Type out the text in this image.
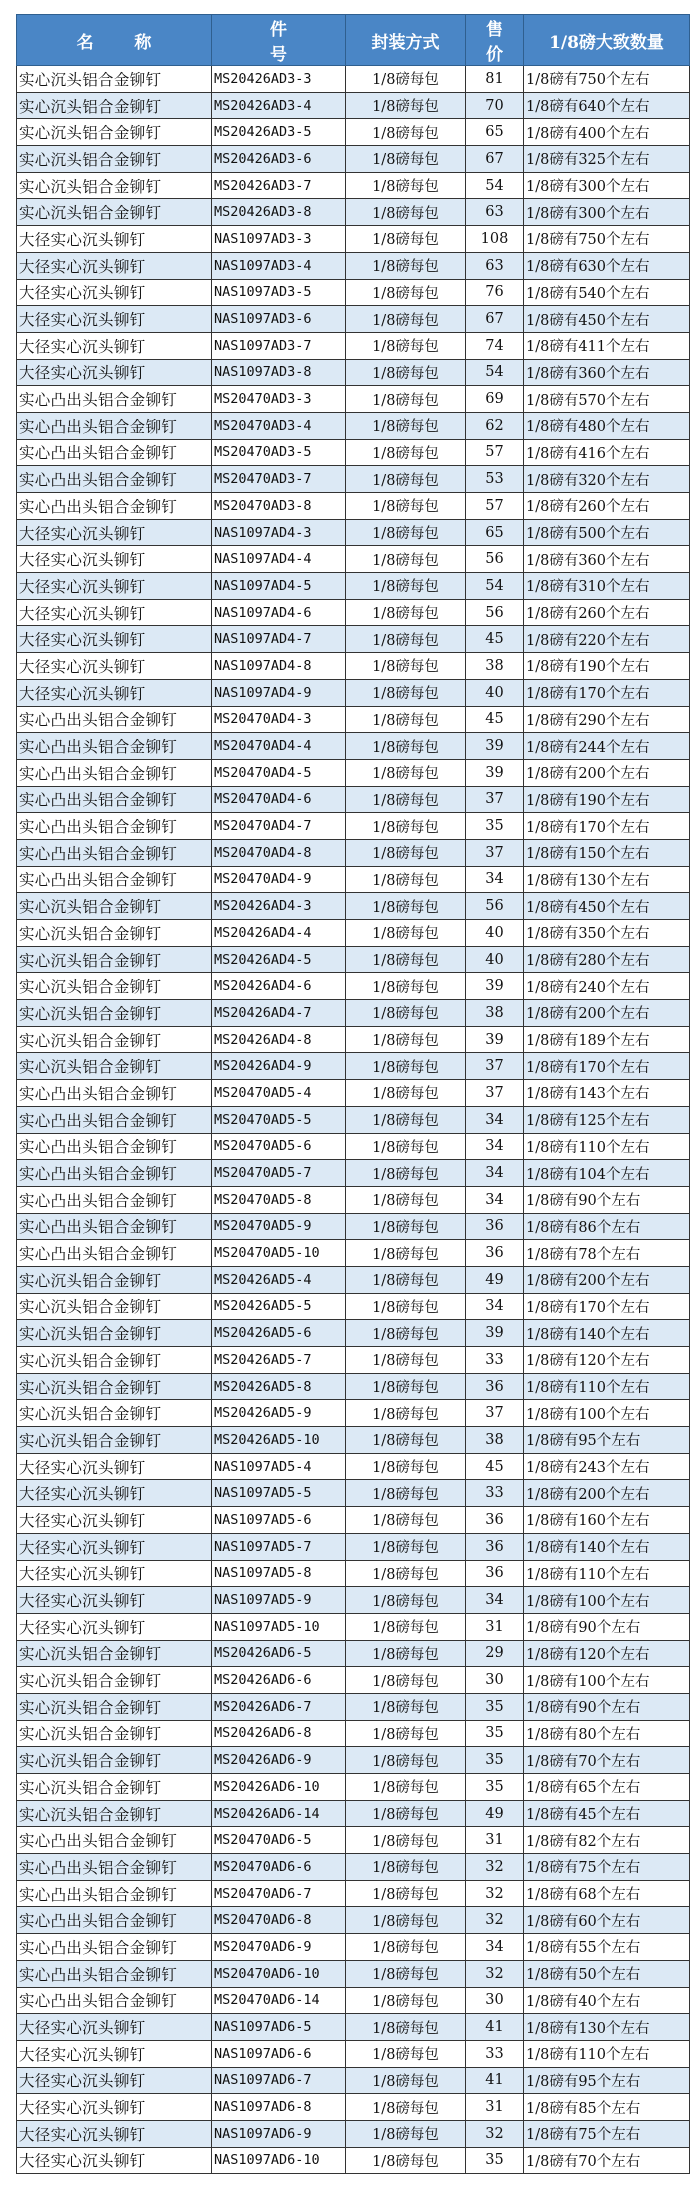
名称	件号	封装方式	售价	1/8磅大致数量
实心沉头铝合金铆钉	MS20426AD3-3	1/8磅每包	81	1/8磅有750个左右
实心沉头铝合金铆钉	MS20426AD3-4	1/8磅每包	70	1/8磅有640个左右
实心沉头铝合金铆钉	MS20426AD3-5	1/8磅每包	65	1/8磅有400个左右
实心沉头铝合金铆钉	MS20426AD3-6	1/8磅每包	67	1/8磅有325个左右
实心沉头铝合金铆钉	MS20426AD3-7	1/8磅每包	54	1/8磅有300个左右
实心沉头铝合金铆钉	MS20426AD3-8	1/8磅每包	63	1/8磅有300个左右
大径实心沉头铆钉	NAS1097AD3-3	1/8磅每包	108	1/8磅有750个左右
大径实心沉头铆钉	NAS1097AD3-4	1/8磅每包	63	1/8磅有630个左右
大径实心沉头铆钉	NAS1097AD3-5	1/8磅每包	76	1/8磅有540个左右
大径实心沉头铆钉	NAS1097AD3-6	1/8磅每包	67	1/8磅有450个左右
大径实心沉头铆钉	NAS1097AD3-7	1/8磅每包	74	1/8磅有411个左右
大径实心沉头铆钉	NAS1097AD3-8	1/8磅每包	54	1/8磅有360个左右
实心凸出头铝合金铆钉	MS20470AD3-3	1/8磅每包	69	1/8磅有570个左右
实心凸出头铝合金铆钉	MS20470AD3-4	1/8磅每包	62	1/8磅有480个左右
实心凸出头铝合金铆钉	MS20470AD3-5	1/8磅每包	57	1/8磅有416个左右
实心凸出头铝合金铆钉	MS20470AD3-7	1/8磅每包	53	1/8磅有320个左右
实心凸出头铝合金铆钉	MS20470AD3-8	1/8磅每包	57	1/8磅有260个左右
大径实心沉头铆钉	NAS1097AD4-3	1/8磅每包	65	1/8磅有500个左右
大径实心沉头铆钉	NAS1097AD4-4	1/8磅每包	56	1/8磅有360个左右
大径实心沉头铆钉	NAS1097AD4-5	1/8磅每包	54	1/8磅有310个左右
大径实心沉头铆钉	NAS1097AD4-6	1/8磅每包	56	1/8磅有260个左右
大径实心沉头铆钉	NAS1097AD4-7	1/8磅每包	45	1/8磅有220个左右
大径实心沉头铆钉	NAS1097AD4-8	1/8磅每包	38	1/8磅有190个左右
大径实心沉头铆钉	NAS1097AD4-9	1/8磅每包	40	1/8磅有170个左右
实心凸出头铝合金铆钉	MS20470AD4-3	1/8磅每包	45	1/8磅有290个左右
实心凸出头铝合金铆钉	MS20470AD4-4	1/8磅每包	39	1/8磅有244个左右
实心凸出头铝合金铆钉	MS20470AD4-5	1/8磅每包	39	1/8磅有200个左右
实心凸出头铝合金铆钉	MS20470AD4-6	1/8磅每包	37	1/8磅有190个左右
实心凸出头铝合金铆钉	MS20470AD4-7	1/8磅每包	35	1/8磅有170个左右
实心凸出头铝合金铆钉	MS20470AD4-8	1/8磅每包	37	1/8磅有150个左右
实心凸出头铝合金铆钉	MS20470AD4-9	1/8磅每包	34	1/8磅有130个左右
实心沉头铝合金铆钉	MS20426AD4-3	1/8磅每包	56	1/8磅有450个左右
实心沉头铝合金铆钉	MS20426AD4-4	1/8磅每包	40	1/8磅有350个左右
实心沉头铝合金铆钉	MS20426AD4-5	1/8磅每包	40	1/8磅有280个左右
实心沉头铝合金铆钉	MS20426AD4-6	1/8磅每包	39	1/8磅有240个左右
实心沉头铝合金铆钉	MS20426AD4-7	1/8磅每包	38	1/8磅有200个左右
实心沉头铝合金铆钉	MS20426AD4-8	1/8磅每包	39	1/8磅有189个左右
实心沉头铝合金铆钉	MS20426AD4-9	1/8磅每包	37	1/8磅有170个左右
实心凸出头铝合金铆钉	MS20470AD5-4	1/8磅每包	37	1/8磅有143个左右
实心凸出头铝合金铆钉	MS20470AD5-5	1/8磅每包	34	1/8磅有125个左右
实心凸出头铝合金铆钉	MS20470AD5-6	1/8磅每包	34	1/8磅有110个左右
实心凸出头铝合金铆钉	MS20470AD5-7	1/8磅每包	34	1/8磅有104个左右
实心凸出头铝合金铆钉	MS20470AD5-8	1/8磅每包	34	1/8磅有90个左右
实心凸出头铝合金铆钉	MS20470AD5-9	1/8磅每包	36	1/8磅有86个左右
实心凸出头铝合金铆钉	MS20470AD5-10	1/8磅每包	36	1/8磅有78个左右
实心沉头铝合金铆钉	MS20426AD5-4	1/8磅每包	49	1/8磅有200个左右
实心沉头铝合金铆钉	MS20426AD5-5	1/8磅每包	34	1/8磅有170个左右
实心沉头铝合金铆钉	MS20426AD5-6	1/8磅每包	39	1/8磅有140个左右
实心沉头铝合金铆钉	MS20426AD5-7	1/8磅每包	33	1/8磅有120个左右
实心沉头铝合金铆钉	MS20426AD5-8	1/8磅每包	36	1/8磅有110个左右
实心沉头铝合金铆钉	MS20426AD5-9	1/8磅每包	37	1/8磅有100个左右
实心沉头铝合金铆钉	MS20426AD5-10	1/8磅每包	38	1/8磅有95个左右
大径实心沉头铆钉	NAS1097AD5-4	1/8磅每包	45	1/8磅有243个左右
大径实心沉头铆钉	NAS1097AD5-5	1/8磅每包	33	1/8磅有200个左右
大径实心沉头铆钉	NAS1097AD5-6	1/8磅每包	36	1/8磅有160个左右
大径实心沉头铆钉	NAS1097AD5-7	1/8磅每包	36	1/8磅有140个左右
大径实心沉头铆钉	NAS1097AD5-8	1/8磅每包	36	1/8磅有110个左右
大径实心沉头铆钉	NAS1097AD5-9	1/8磅每包	34	1/8磅有100个左右
大径实心沉头铆钉	NAS1097AD5-10	1/8磅每包	31	1/8磅有90个左右
实心沉头铝合金铆钉	MS20426AD6-5	1/8磅每包	29	1/8磅有120个左右
实心沉头铝合金铆钉	MS20426AD6-6	1/8磅每包	30	1/8磅有100个左右
实心沉头铝合金铆钉	MS20426AD6-7	1/8磅每包	35	1/8磅有90个左右
实心沉头铝合金铆钉	MS20426AD6-8	1/8磅每包	35	1/8磅有80个左右
实心沉头铝合金铆钉	MS20426AD6-9	1/8磅每包	35	1/8磅有70个左右
实心沉头铝合金铆钉	MS20426AD6-10	1/8磅每包	35	1/8磅有65个左右
实心沉头铝合金铆钉	MS20426AD6-14	1/8磅每包	49	1/8磅有45个左右
实心凸出头铝合金铆钉	MS20470AD6-5	1/8磅每包	31	1/8磅有82个左右
实心凸出头铝合金铆钉	MS20470AD6-6	1/8磅每包	32	1/8磅有75个左右
实心凸出头铝合金铆钉	MS20470AD6-7	1/8磅每包	32	1/8磅有68个左右
实心凸出头铝合金铆钉	MS20470AD6-8	1/8磅每包	32	1/8磅有60个左右
实心凸出头铝合金铆钉	MS20470AD6-9	1/8磅每包	34	1/8磅有55个左右
实心凸出头铝合金铆钉	MS20470AD6-10	1/8磅每包	32	1/8磅有50个左右
实心凸出头铝合金铆钉	MS20470AD6-14	1/8磅每包	30	1/8磅有40个左右
大径实心沉头铆钉	NAS1097AD6-5	1/8磅每包	41	1/8磅有130个左右
大径实心沉头铆钉	NAS1097AD6-6	1/8磅每包	33	1/8磅有110个左右
大径实心沉头铆钉	NAS1097AD6-7	1/8磅每包	41	1/8磅有95个左右
大径实心沉头铆钉	NAS1097AD6-8	1/8磅每包	31	1/8磅有85个左右
大径实心沉头铆钉	NAS1097AD6-9	1/8磅每包	32	1/8磅有75个左右
大径实心沉头铆钉	NAS1097AD6-10	1/8磅每包	35	1/8磅有70个左右
